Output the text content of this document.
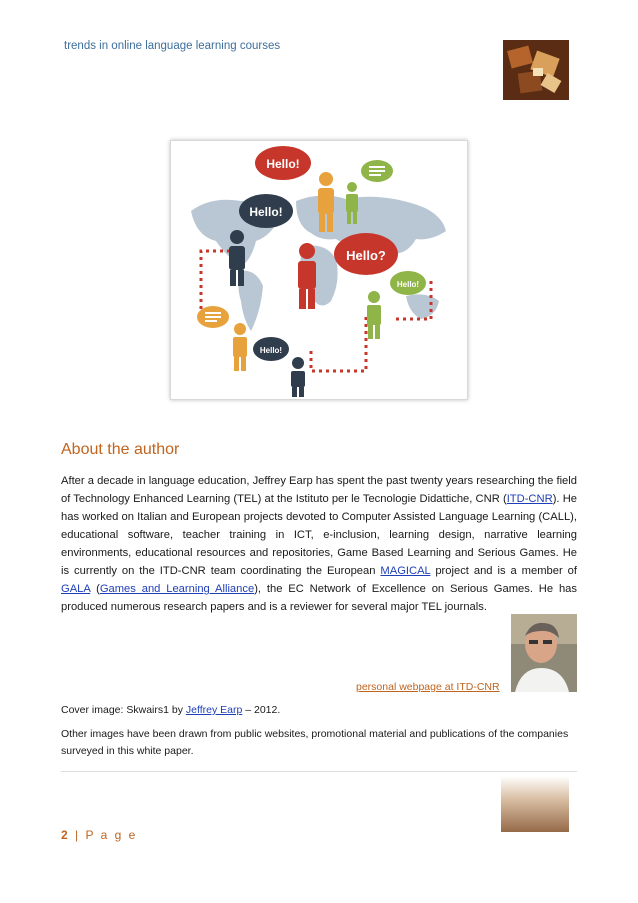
trends in online language learning courses
Hello!
Hello!
Hello?
Hello!
Hello!
About the author
After a decade in language education, Jeffrey Earp has spent the past twenty years researching the field of Technology Enhanced Learning (TEL) at the Istituto per le Tecnologie Didattiche, CNR (ITD-CNR). He has worked on Italian and European projects devoted to Computer Assisted Language Learning (CALL), educational software, teacher training in ICT, e-inclusion, learning design, narrative learning environments, educational resources and repositories, Game Based Learning and Serious Games. He is currently on the ITD-CNR team coordinating the European MAGICAL project and is a member of GALA (Games and Learning Alliance), the EC Network of Excellence on Serious Games. He has produced numerous research papers and is a reviewer for several major TEL journals.
personal webpage at ITD-CNR
Cover image: Skwairs1 by Jeffrey Earp – 2012.
Other images have been drawn from public websites, promotional material and publications of the companies surveyed in this white paper.
2 | P a g e
